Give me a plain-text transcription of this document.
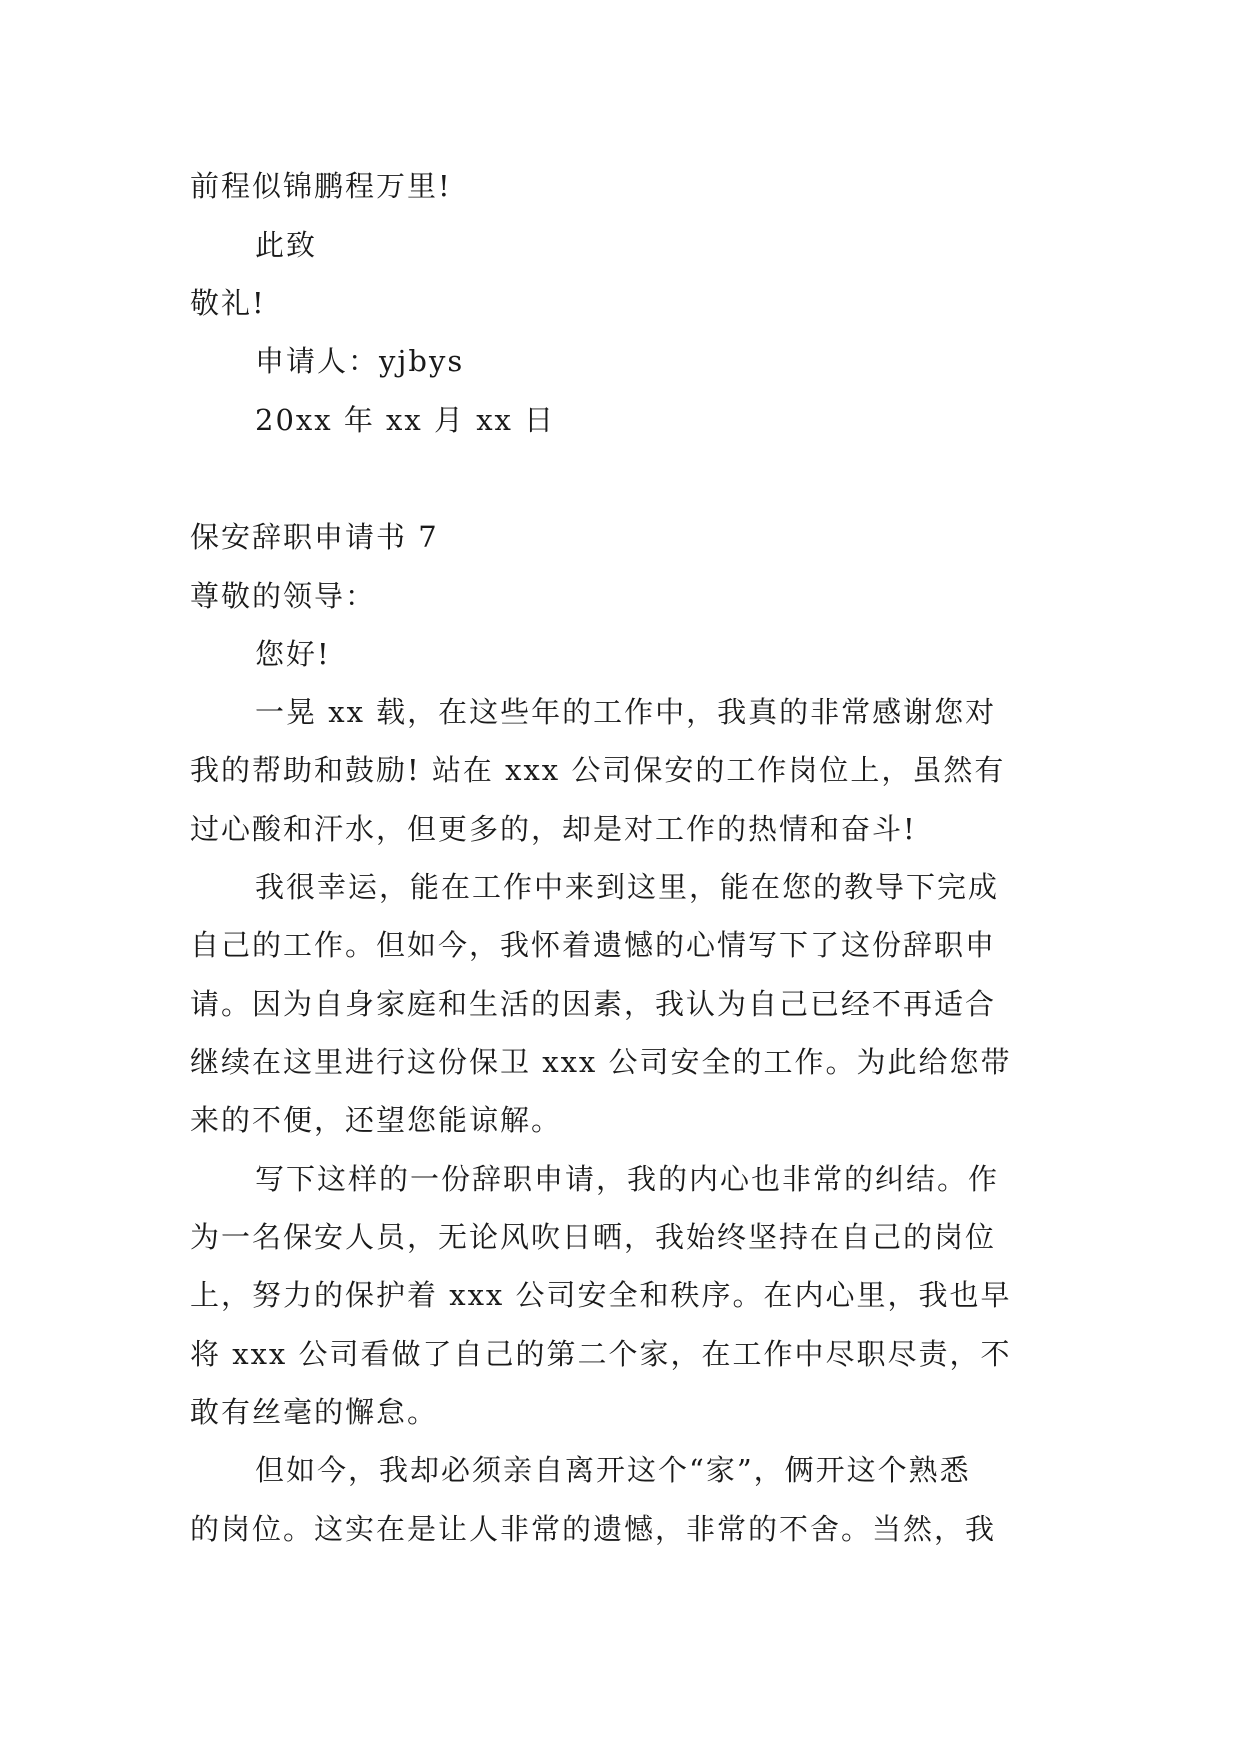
前程似锦鹏程万里!
此致
敬礼!
申请人：yjbys
20xx 年 xx 月 xx 日
保安辞职申请书 7
尊敬的领导：
您好!
一晃 xx 载，在这些年的工作中，我真的非常感谢您对
我的帮助和鼓励! 站在 xxx 公司保安的工作岗位上，虽然有
过心酸和汗水，但更多的，却是对工作的热情和奋斗!
我很幸运，能在工作中来到这里，能在您的教导下完成
自己的工作。但如今，我怀着遗憾的心情写下了这份辞职申
请。因为自身家庭和生活的因素，我认为自己已经不再适合
继续在这里进行这份保卫 xxx 公司安全的工作。为此给您带
来的不便，还望您能谅解。
写下这样的一份辞职申请，我的内心也非常的纠结。作
为一名保安人员，无论风吹日晒，我始终坚持在自己的岗位
上，努力的保护着 xxx 公司安全和秩序。在内心里，我也早
将 xxx 公司看做了自己的第二个家，在工作中尽职尽责，不
敢有丝毫的懈怠。
但如今，我却必须亲自离开这个“家”，俩开这个熟悉
的岗位。这实在是让人非常的遗憾，非常的不舍。当然，我
